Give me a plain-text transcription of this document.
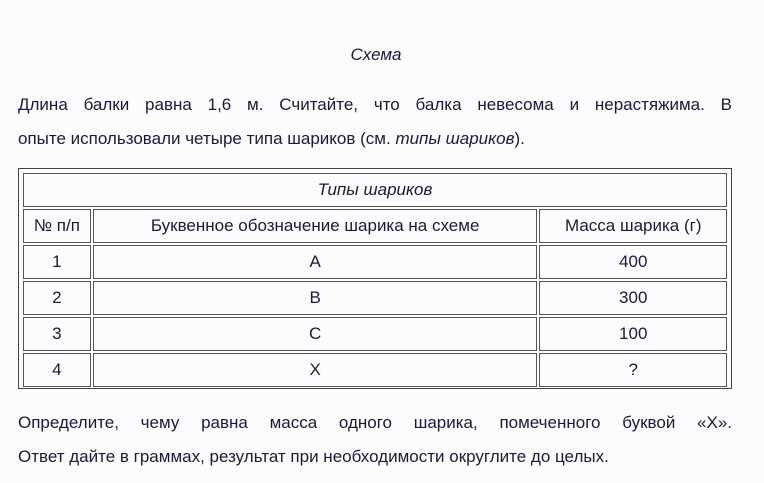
Схема
Длина балки равна 1,6 м. Считайте, что балка невесома и нерастяжима. В
опыте использовали четыре типа шариков (см. типы шариков).
Типы шариков		
№ п/п	Буквенное обозначение шарика на схеме	Масса шарика (г)
1	A	400
2	B	300
3	C	100
4	X	?
Определите, чему равна масса одного шарика, помеченного буквой «X».
Ответ дайте в граммах, результат при необходимости округлите до целых.
